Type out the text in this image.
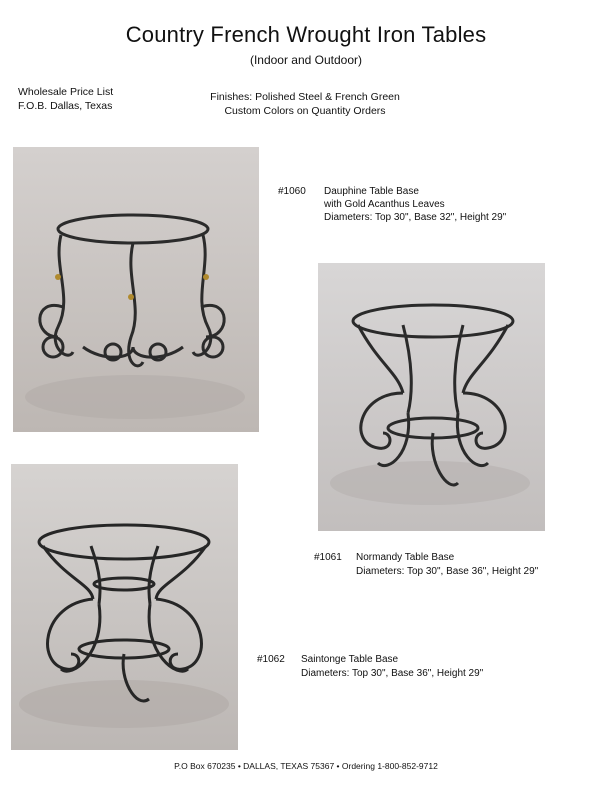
Country French Wrought Iron Tables
(Indoor and Outdoor)
Wholesale Price List
F.O.B. Dallas, Texas
Finishes: Polished Steel & French Green
Custom Colors on Quantity Orders
#1060 Dauphine Table Base
with Gold Acanthus Leaves
Diameters: Top 30", Base 32", Height 29"
#1061 Normandy Table Base
Diameters: Top 30", Base 36", Height 29"
#1062 Saintonge Table Base
Diameters: Top 30", Base 36", Height 29"
P.O Box 670235 • DALLAS, TEXAS 75367 • Ordering 1-800-852-9712
